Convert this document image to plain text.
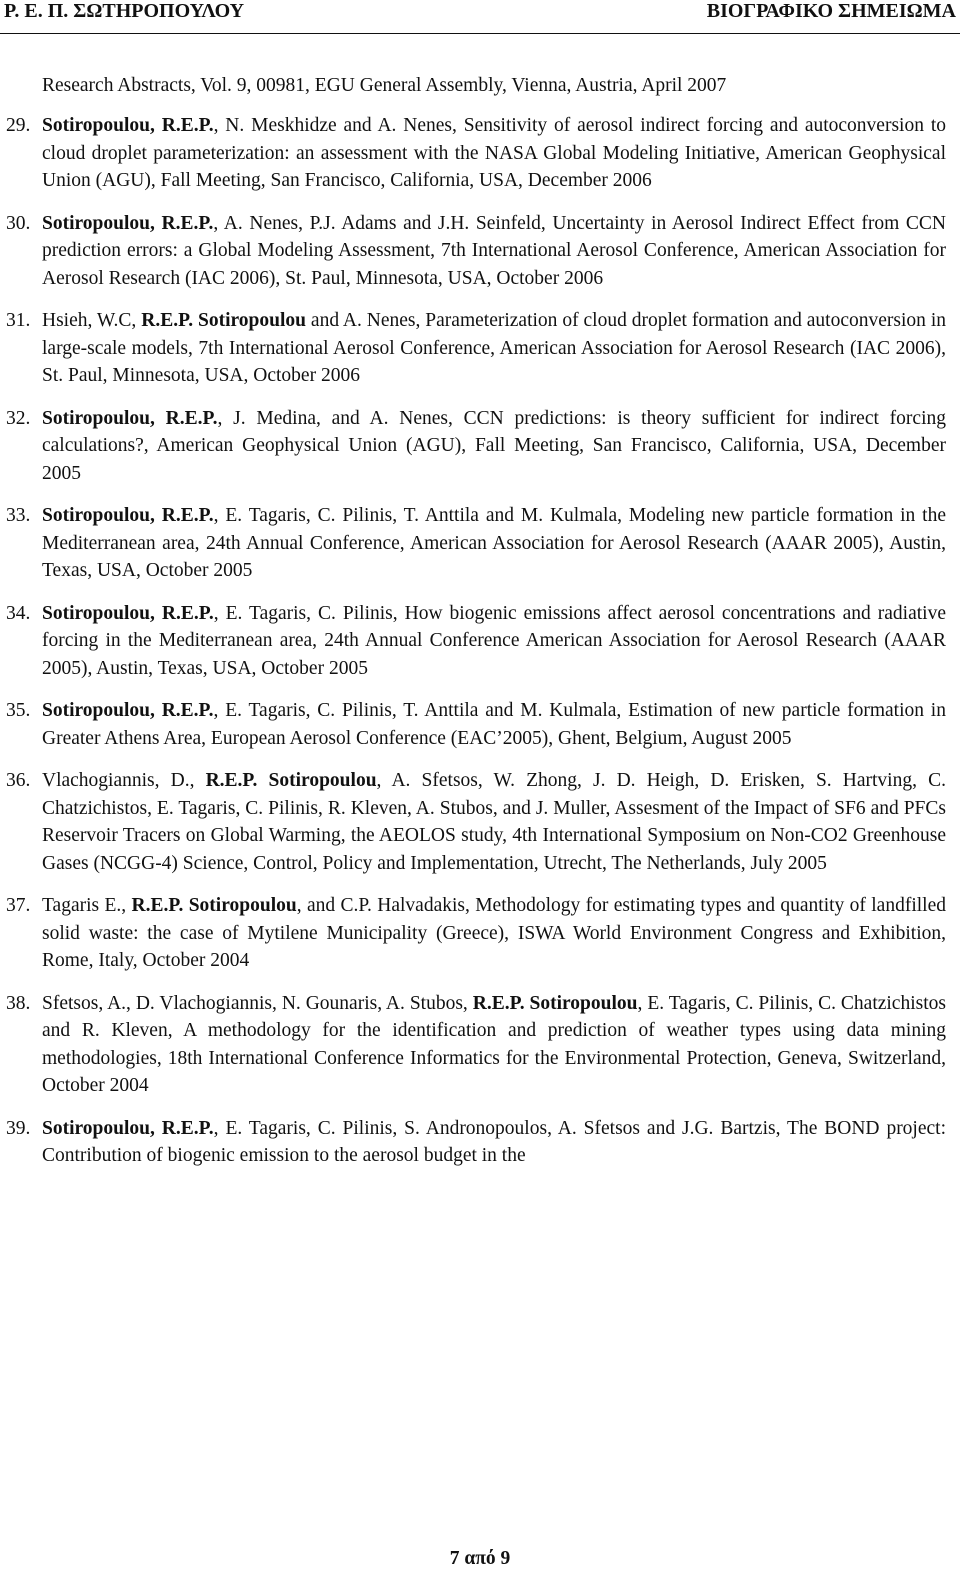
P. E. Π. ΣΩΤΗΡΟΠΟΥΛΟΥ	ΒΙΟΓΡΑΦΙΚΟ ΣΗΜΕΙΩΜΑ

Research Abstracts, Vol. 9, 00981, EGU General Assembly, Vienna, Austria, April 2007

29. Sotiropoulou, R.E.P., N. Meskhidze and A. Nenes, Sensitivity of aerosol indirect forcing and autoconversion to cloud droplet parameterization: an assessment with the NASA Global Modeling Initiative, American Geophysical Union (AGU), Fall Meeting, San Francisco, California, USA, December 2006
30. Sotiropoulou, R.E.P., A. Nenes, P.J. Adams and J.H. Seinfeld, Uncertainty in Aerosol Indirect Effect from CCN prediction errors: a Global Modeling Assessment, 7th International Aerosol Conference, American Association for Aerosol Research (IAC 2006), St. Paul, Minnesota, USA, October 2006
31. Hsieh, W.C, R.E.P. Sotiropoulou and A. Nenes, Parameterization of cloud droplet formation and autoconversion in large-scale models, 7th International Aerosol Conference, American Association for Aerosol Research (IAC 2006), St. Paul, Minnesota, USA, October 2006
32. Sotiropoulou, R.E.P., J. Medina, and A. Nenes, CCN predictions: is theory sufficient for indirect forcing calculations?, American Geophysical Union (AGU), Fall Meeting, San Francisco, California, USA, December 2005
33. Sotiropoulou, R.E.P., E. Tagaris, C. Pilinis, T. Anttila and M. Kulmala, Modeling new particle formation in the Mediterranean area, 24th Annual Conference, American Association for Aerosol Research (AAAR 2005), Austin, Texas, USA, October 2005
34. Sotiropoulou, R.E.P., E. Tagaris, C. Pilinis, How biogenic emissions affect aerosol concentrations and radiative forcing in the Mediterranean area, 24th Annual Conference American Association for Aerosol Research (AAAR 2005), Austin, Texas, USA, October 2005
35. Sotiropoulou, R.E.P., E. Tagaris, C. Pilinis, T. Anttila and M. Kulmala, Estimation of new particle formation in Greater Athens Area, European Aerosol Conference (EAC’2005), Ghent, Belgium, August 2005
36. Vlachogiannis, D., R.E.P. Sotiropoulou, A. Sfetsos, W. Zhong, J. D. Heigh, D. Erisken, S. Hartving, C. Chatzichistos, E. Tagaris, C. Pilinis, R. Kleven, A. Stubos, and J. Muller, Assesment of the Impact of SF6 and PFCs Reservoir Tracers on Global Warming, the AEOLOS study, 4th International Symposium on Non-CO2 Greenhouse Gases (NCGG-4) Science, Control, Policy and Implementation, Utrecht, The Netherlands, July 2005
37. Tagaris E., R.E.P. Sotiropoulou, and C.P. Halvadakis, Methodology for estimating types and quantity of landfilled solid waste: the case of Mytilene Municipality (Greece), ISWA World Environment Congress and Exhibition, Rome, Italy, October 2004
38. Sfetsos, A., D. Vlachogiannis, N. Gounaris, A. Stubos, R.E.P. Sotiropoulou, E. Tagaris, C. Pilinis, C. Chatzichistos and R. Kleven, A methodology for the identification and prediction of weather types using data mining methodologies, 18th International Conference Informatics for the Environmental Protection, Geneva, Switzerland, October 2004
39. Sotiropoulou, R.E.P., E. Tagaris, C. Pilinis, S. Andronopoulos, A. Sfetsos and J.G. Bartzis, The BOND project: Contribution of biogenic emission to the aerosol budget in the
7 από 9
